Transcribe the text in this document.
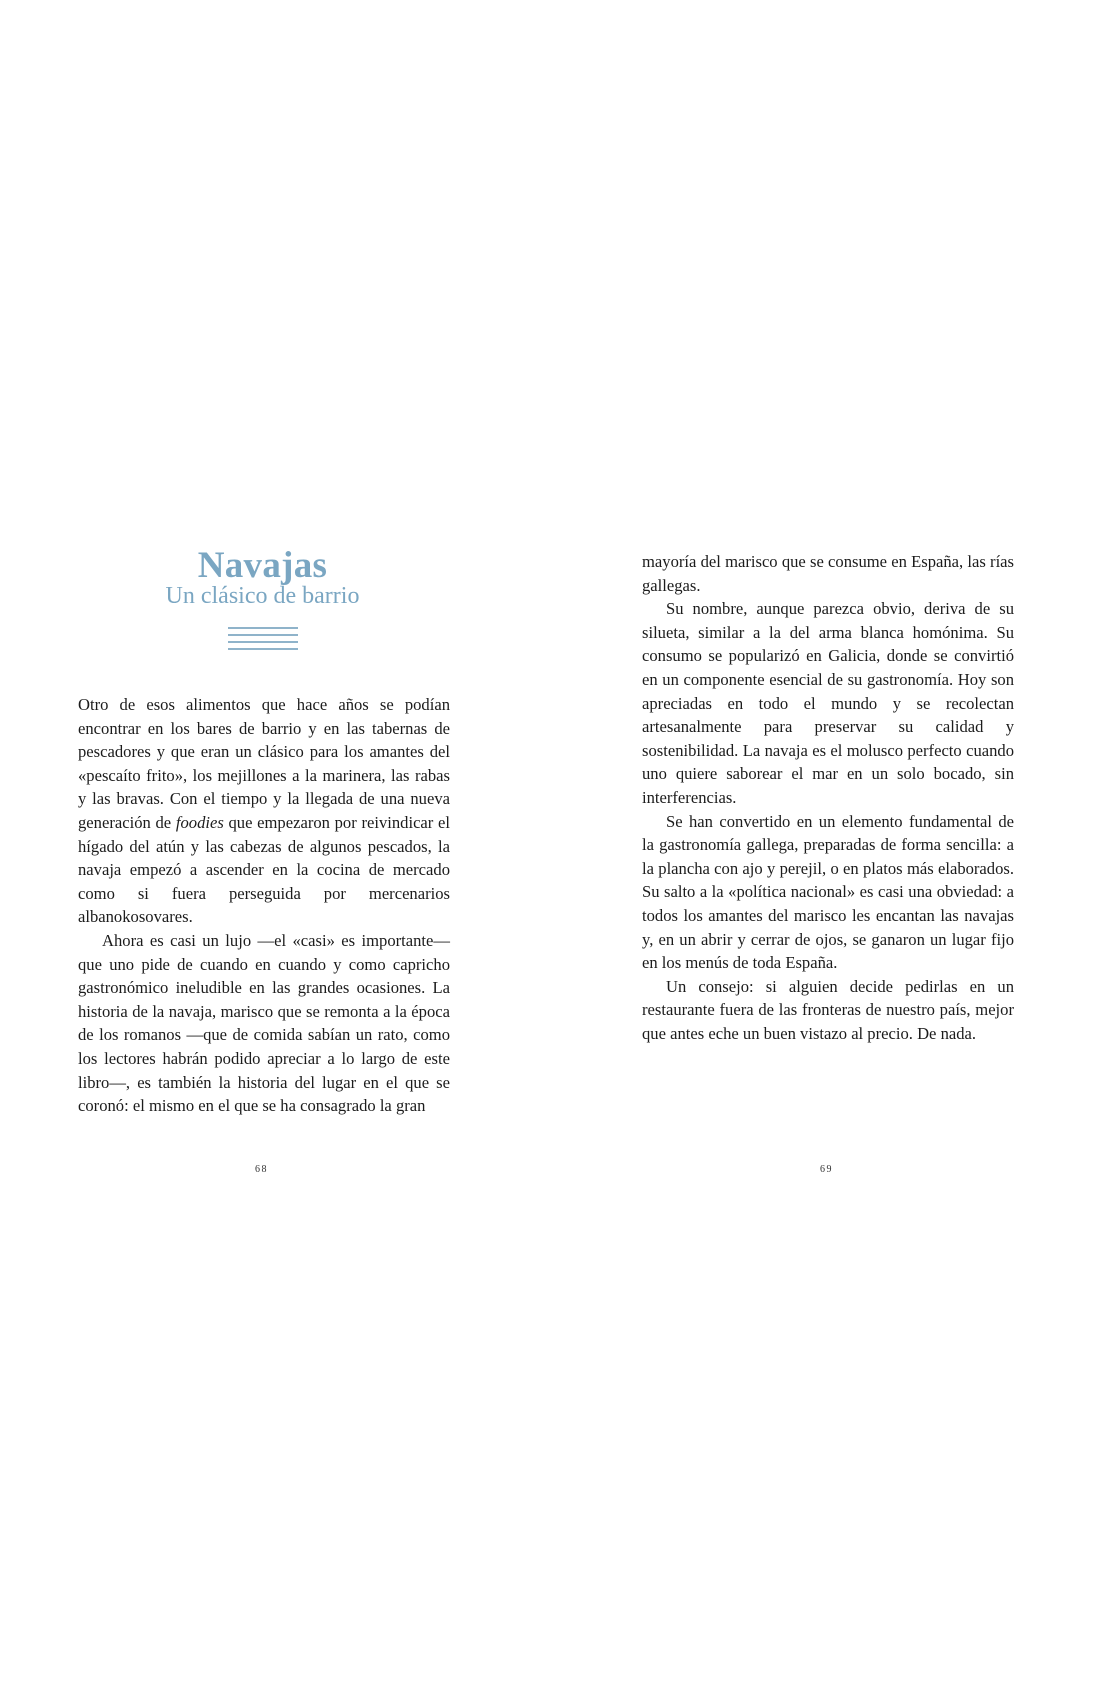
Navajas
Un clásico de barrio

Otro de esos alimentos que hace años se podían encontrar en los bares de barrio y en las tabernas de pescadores y que eran un clásico para los amantes del «pescaíto frito», los mejillones a la marinera, las rabas y las bravas. Con el tiempo y la llegada de una nueva generación de foodies que empezaron por reivindicar el hígado del atún y las cabezas de algunos pescados, la navaja empezó a ascender en la cocina de mercado como si fuera perseguida por mercenarios albanokosovares.

Ahora es casi un lujo —el «casi» es importante— que uno pide de cuando en cuando y como capricho gastronómico ineludible en las grandes ocasiones. La historia de la navaja, marisco que se remonta a la época de los romanos —que de comida sabían un rato, como los lectores habrán podido apreciar a lo largo de este libro—, es también la historia del lugar en el que se coronó: el mismo en el que se ha consagrado la gran

68

mayoría del marisco que se consume en España, las rías gallegas.

Su nombre, aunque parezca obvio, deriva de su silueta, similar a la del arma blanca homónima. Su consumo se popularizó en Galicia, donde se convirtió en un componente esencial de su gastronomía. Hoy son apreciadas en todo el mundo y se recolectan artesanalmente para preservar su calidad y sostenibilidad. La navaja es el molusco perfecto cuando uno quiere saborear el mar en un solo bocado, sin interferencias.

Se han convertido en un elemento fundamental de la gastronomía gallega, preparadas de forma sencilla: a la plancha con ajo y perejil, o en platos más elaborados. Su salto a la «política nacional» es casi una obviedad: a todos los amantes del marisco les encantan las navajas y, en un abrir y cerrar de ojos, se ganaron un lugar fijo en los menús de toda España.

Un consejo: si alguien decide pedirlas en un restaurante fuera de las fronteras de nuestro país, mejor que antes eche un buen vistazo al precio. De nada.

69
